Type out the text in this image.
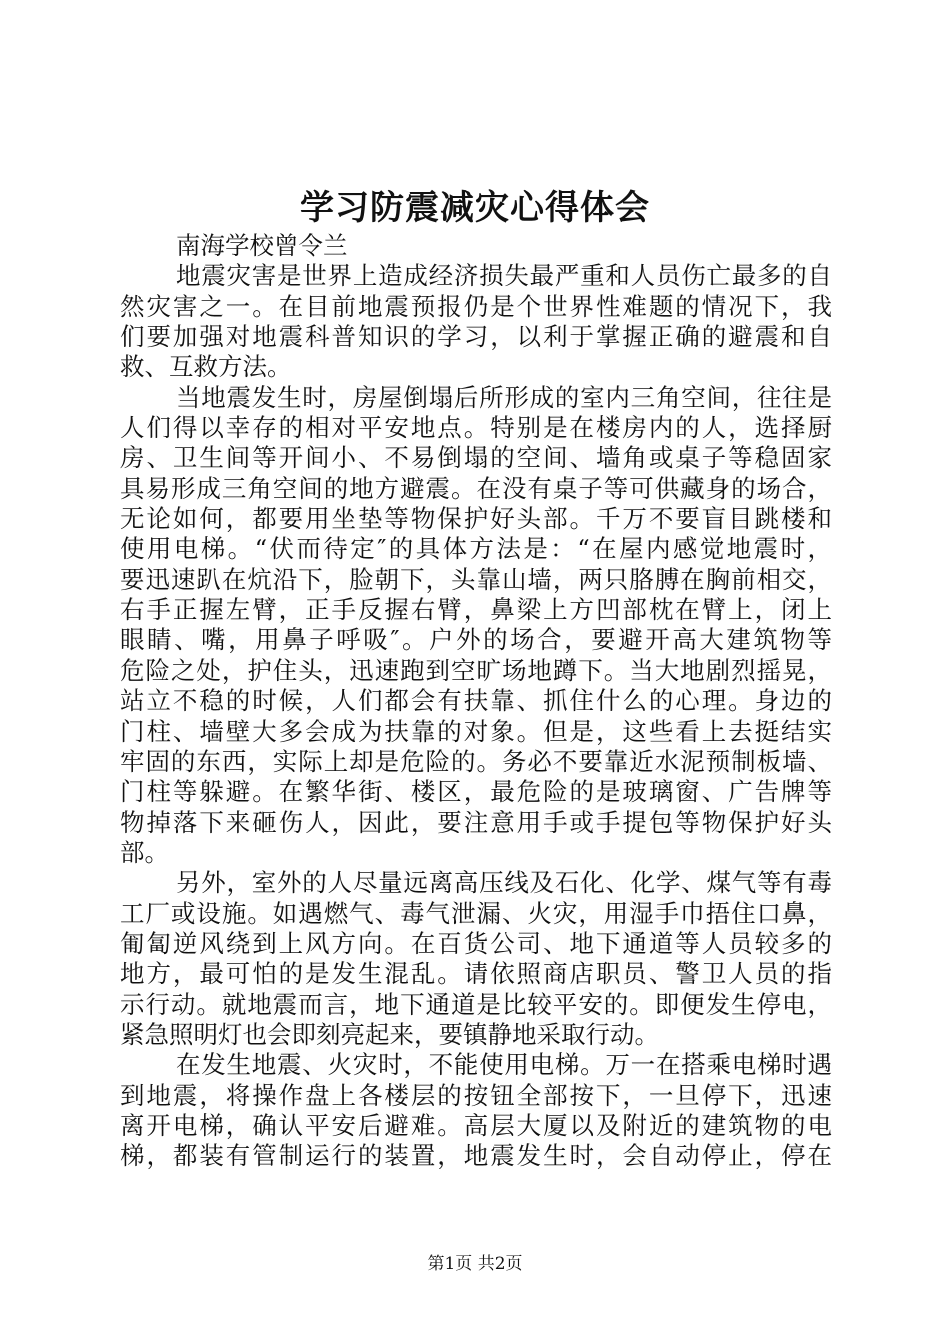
学习防震减灾心得体会
南海学校曾令兰
地震灾害是世界上造成经济损失最严重和人员伤亡最多的自
然灾害之一。在目前地震预报仍是个世界性难题的情况下，我
们要加强对地震科普知识的学习，以利于掌握正确的避震和自
救、互救方法。
当地震发生时，房屋倒塌后所形成的室内三角空间，往往是
人们得以幸存的相对平安地点。特别是在楼房内的人，选择厨
房、卫生间等开间小、不易倒塌的空间、墙角或桌子等稳固家
具易形成三角空间的地方避震。在没有桌子等可供藏身的场合，
无论如何，都要用坐垫等物保护好头部。千万不要盲目跳楼和
使用电梯。“伏而待定″的具体方法是：“在屋内感觉地震时，
要迅速趴在炕沿下，脸朝下，头靠山墙，两只胳膊在胸前相交，
右手正握左臂，正手反握右臂，鼻梁上方凹部枕在臂上，闭上
眼睛、嘴，用鼻子呼吸″。户外的场合，要避开高大建筑物等
危险之处，护住头，迅速跑到空旷场地蹲下。当大地剧烈摇晃，
站立不稳的时候，人们都会有扶靠、抓住什么的心理。身边的
门柱、墙壁大多会成为扶靠的对象。但是，这些看上去挺结实
牢固的东西，实际上却是危险的。务必不要靠近水泥预制板墙、
门柱等躲避。在繁华街、楼区，最危险的是玻璃窗、广告牌等
物掉落下来砸伤人，因此，要注意用手或手提包等物保护好头
部。
另外，室外的人尽量远离高压线及石化、化学、煤气等有毒
工厂或设施。如遇燃气、毒气泄漏、火灾，用湿手巾捂住口鼻，
匍匐逆风绕到上风方向。在百货公司、地下通道等人员较多的
地方，最可怕的是发生混乱。请依照商店职员、警卫人员的指
示行动。就地震而言，地下通道是比较平安的。即便发生停电，
紧急照明灯也会即刻亮起来，要镇静地采取行动。
在发生地震、火灾时，不能使用电梯。万一在搭乘电梯时遇
到地震，将操作盘上各楼层的按钮全部按下，一旦停下，迅速
离开电梯，确认平安后避难。高层大厦以及附近的建筑物的电
梯，都装有管制运行的装置，地震发生时，会自动停止，停在
第1页 共2页
